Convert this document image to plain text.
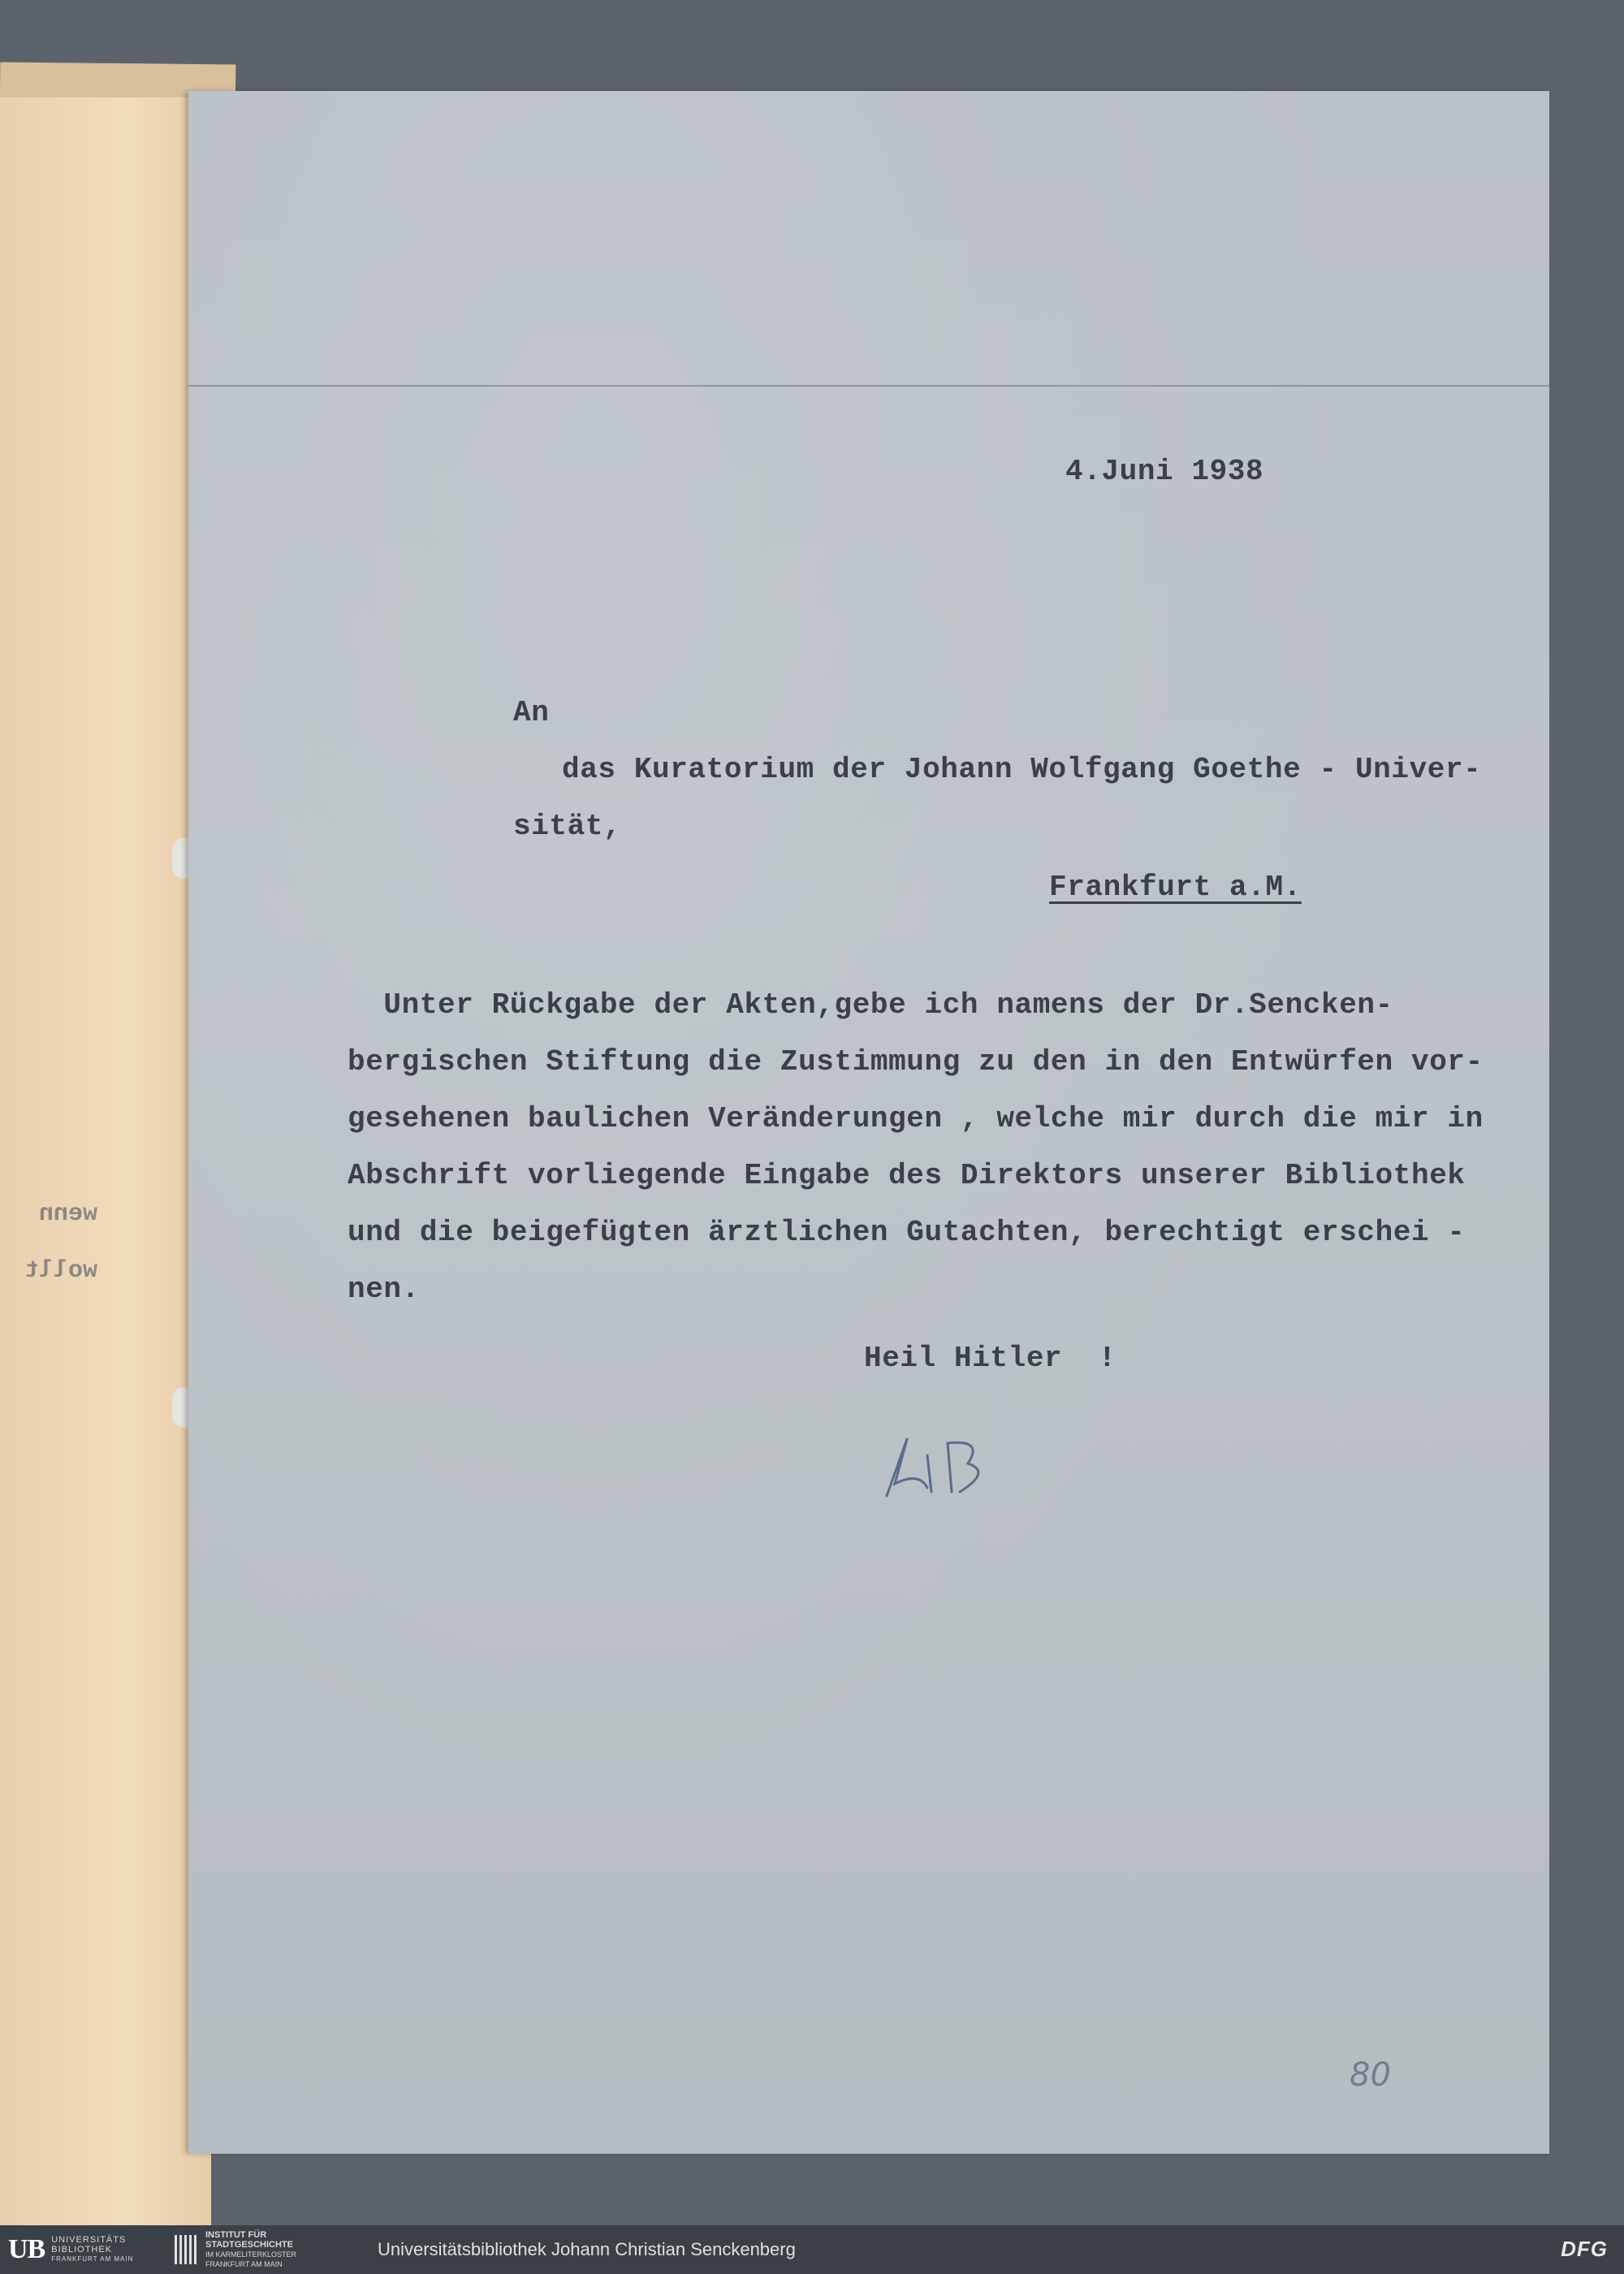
wenn
wollt
4.Juni 1938
An
das Kuratorium der Johann Wolfgang Goethe - Univer-
sität,
Frankfurt a.M.

Unter Rückgabe der Akten,gebe ich namens der Dr.Sencken-

bergischen Stiftung die Zustimmung zu den in den Entwürfen vor-

gesehenen baulichen Veränderungen , welche mir durch die mir in

Abschrift vorliegende Eingabe des Direktors unserer Bibliothek

und die beigefügten ärztlichen Gutachten, berechtigt erschei -

nen.

Heil Hitler  !
80
UB UNIVERSITÄTS
BIBLIOTHEK
FRANKFURT AM MAIN
INSTITUT FÜR
STADTGESCHICHTE
IM KARMELITERKLOSTER
FRANKFURT AM MAIN
Universitätsbibliothek Johann Christian Senckenberg	DFG
